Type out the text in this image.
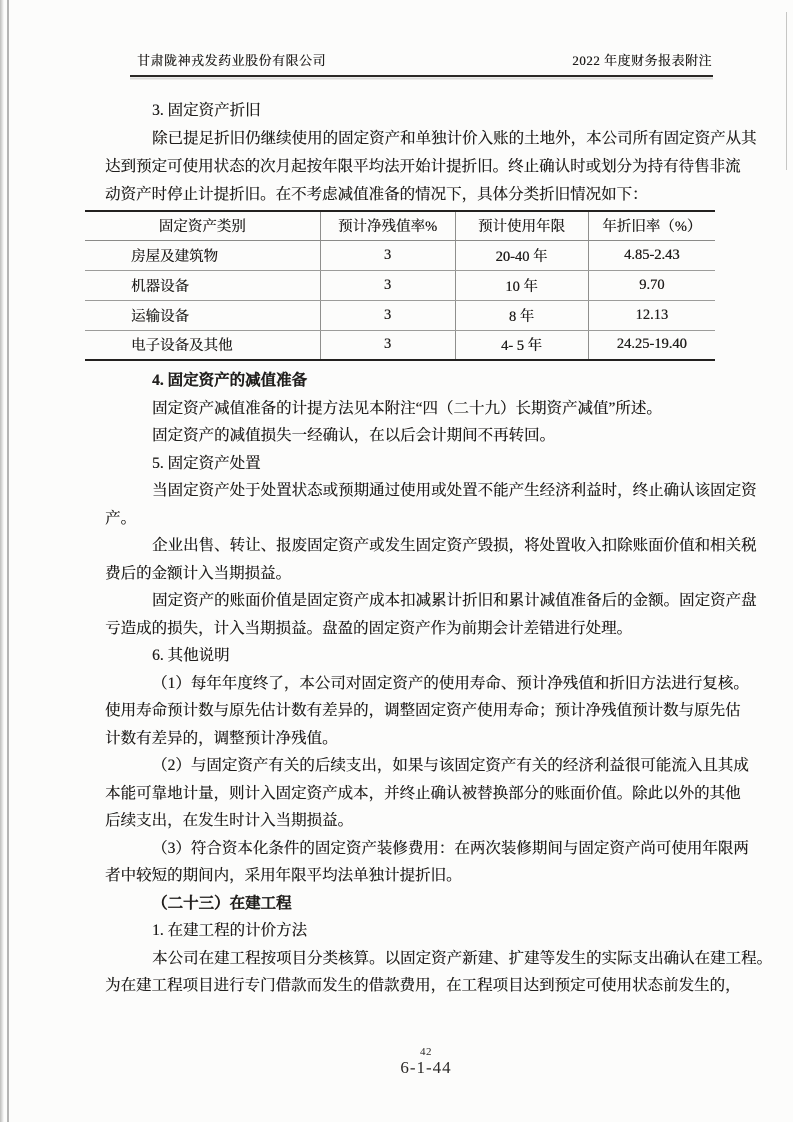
甘肃陇神戎发药业股份有限公司	2022 年度财务报表附注
3. 固定资产折旧
除已提足折旧仍继续使用的固定资产和单独计价入账的土地外，本公司所有固定资产从其
达到预定可使用状态的次月起按年限平均法开始计提折旧。终止确认时或划分为持有待售非流
动资产时停止计提折旧。在不考虑减值准备的情况下，具体分类折旧情况如下：
固定资产类别	预计净残值率%	预计使用年限	年折旧率（%）
房屋及建筑物	3	20-40 年	4.85-2.43
机器设备	3	10 年	9.70
运输设备	3	8 年	12.13
电子设备及其他	3	4- 5 年	24.25-19.40
4. 固定资产的减值准备
固定资产减值准备的计提方法见本附注“四（二十九）长期资产减值”所述。
固定资产的减值损失一经确认，在以后会计期间不再转回。
5. 固定资产处置
当固定资产处于处置状态或预期通过使用或处置不能产生经济利益时，终止确认该固定资
产。
企业出售、转让、报废固定资产或发生固定资产毁损，将处置收入扣除账面价值和相关税
费后的金额计入当期损益。
固定资产的账面价值是固定资产成本扣减累计折旧和累计减值准备后的金额。固定资产盘
亏造成的损失，计入当期损益。盘盈的固定资产作为前期会计差错进行处理。
6. 其他说明
（1）每年年度终了，本公司对固定资产的使用寿命、预计净残值和折旧方法进行复核。
使用寿命预计数与原先估计数有差异的，调整固定资产使用寿命；预计净残值预计数与原先估
计数有差异的，调整预计净残值。
（2）与固定资产有关的后续支出，如果与该固定资产有关的经济利益很可能流入且其成
本能可靠地计量，则计入固定资产成本，并终止确认被替换部分的账面价值。除此以外的其他
后续支出，在发生时计入当期损益。
（3）符合资本化条件的固定资产装修费用：在两次装修期间与固定资产尚可使用年限两
者中较短的期间内，采用年限平均法单独计提折旧。
（二十三）在建工程
1. 在建工程的计价方法
本公司在建工程按项目分类核算。以固定资产新建、扩建等发生的实际支出确认在建工程。
为在建工程项目进行专门借款而发生的借款费用，在工程项目达到预定可使用状态前发生的，
42
6-1-44
